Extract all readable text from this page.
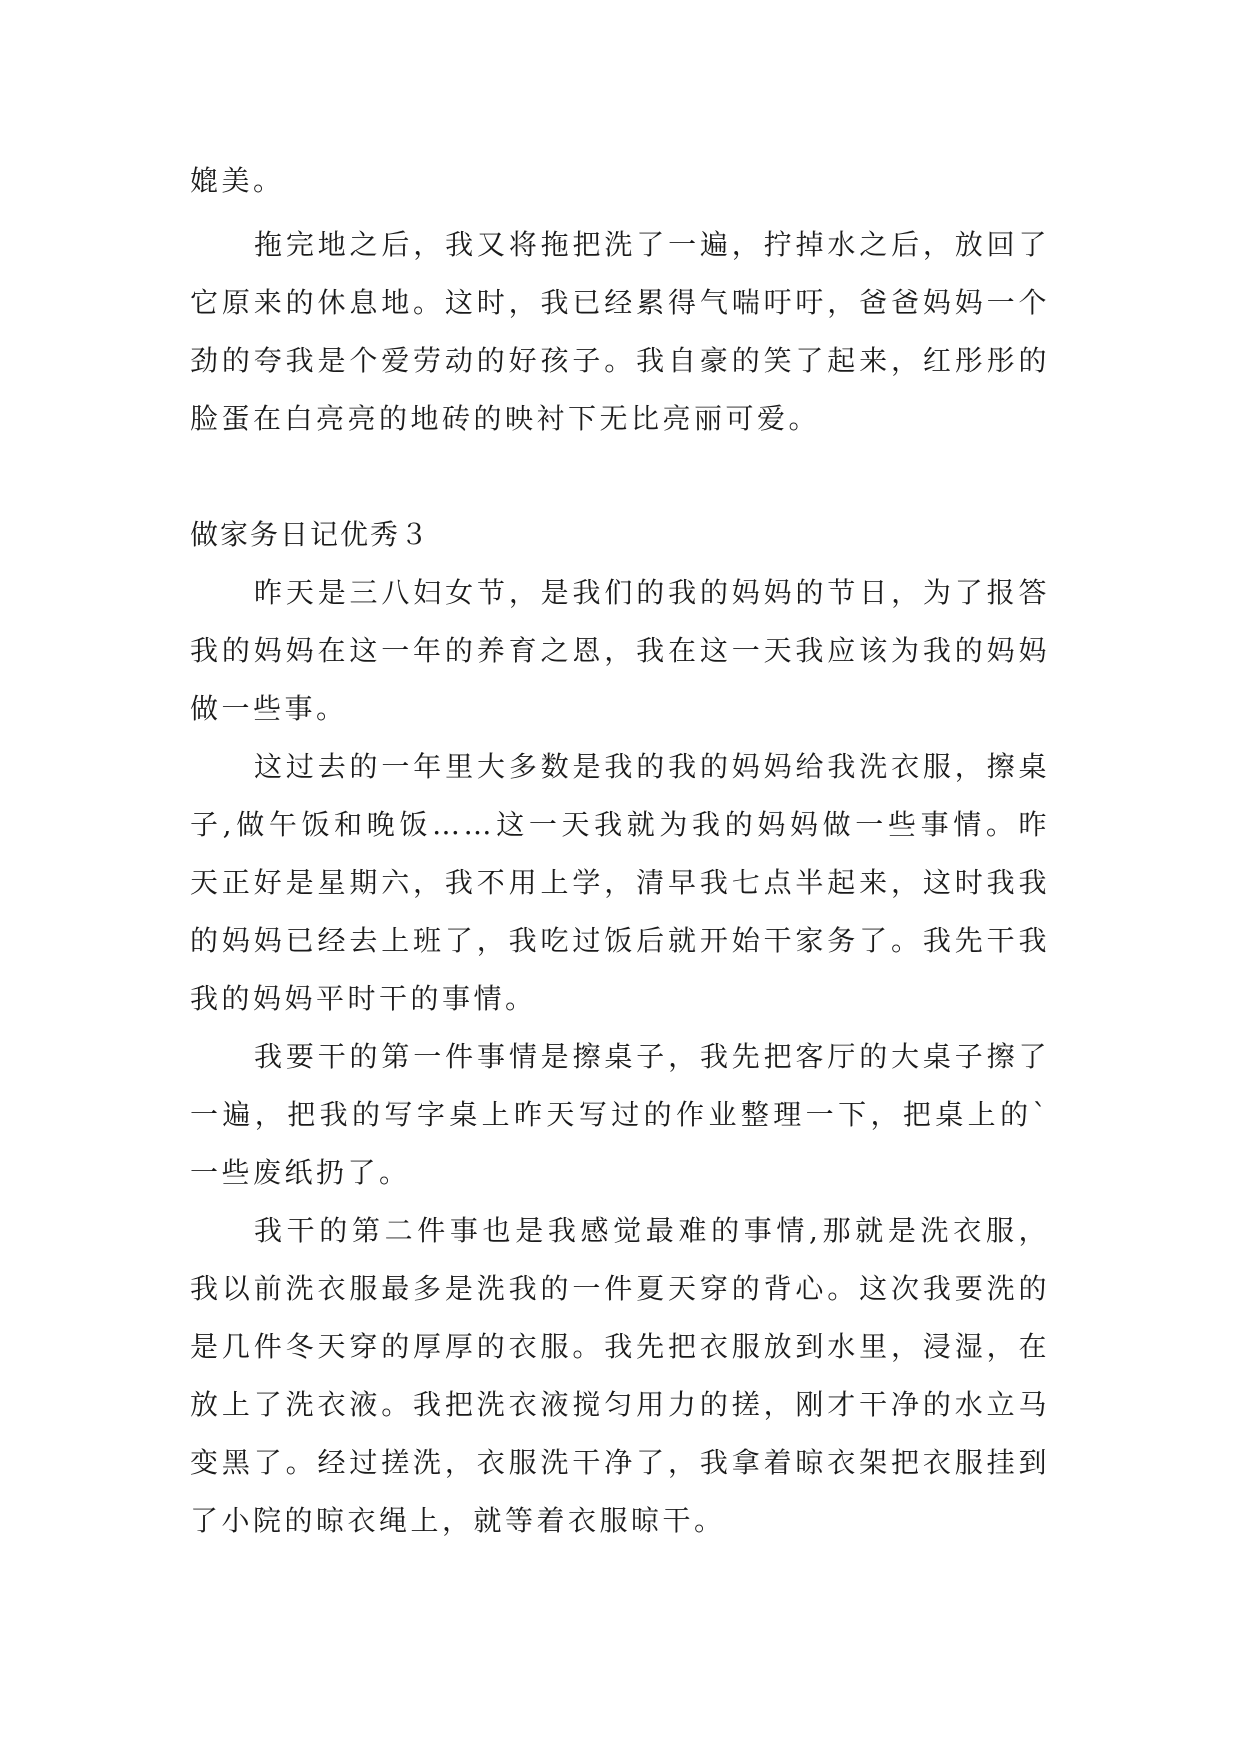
媲美。

拖完地之后，我又将拖把洗了一遍，拧掉水之后，放回了它原来的休息地。这时，我已经累得气喘吁吁，爸爸妈妈一个劲的夸我是个爱劳动的好孩子。我自豪的笑了起来，红彤彤的脸蛋在白亮亮的地砖的映衬下无比亮丽可爱。

做家务日记优秀３

昨天是三八妇女节，是我们的我的妈妈的节日，为了报答我的妈妈在这一年的养育之恩，我在这一天我应该为我的妈妈做一些事。

这过去的一年里大多数是我的我的妈妈给我洗衣服，擦桌子,做午饭和晚饭……这一天我就为我的妈妈做一些事情。昨天正好是星期六，我不用上学，清早我七点半起来，这时我我的妈妈已经去上班了，我吃过饭后就开始干家务了。我先干我我的妈妈平时干的事情。

我要干的第一件事情是擦桌子，我先把客厅的大桌子擦了一遍，把我的写字桌上昨天写过的作业整理一下，把桌上的`一些废纸扔了。

我干的第二件事也是我感觉最难的事情,那就是洗衣服，我以前洗衣服最多是洗我的一件夏天穿的背心。这次我要洗的是几件冬天穿的厚厚的衣服。我先把衣服放到水里，浸湿，在放上了洗衣液。我把洗衣液搅匀用力的搓，刚才干净的水立马变黑了。经过搓洗，衣服洗干净了，我拿着晾衣架把衣服挂到了小院的晾衣绳上，就等着衣服晾干。
